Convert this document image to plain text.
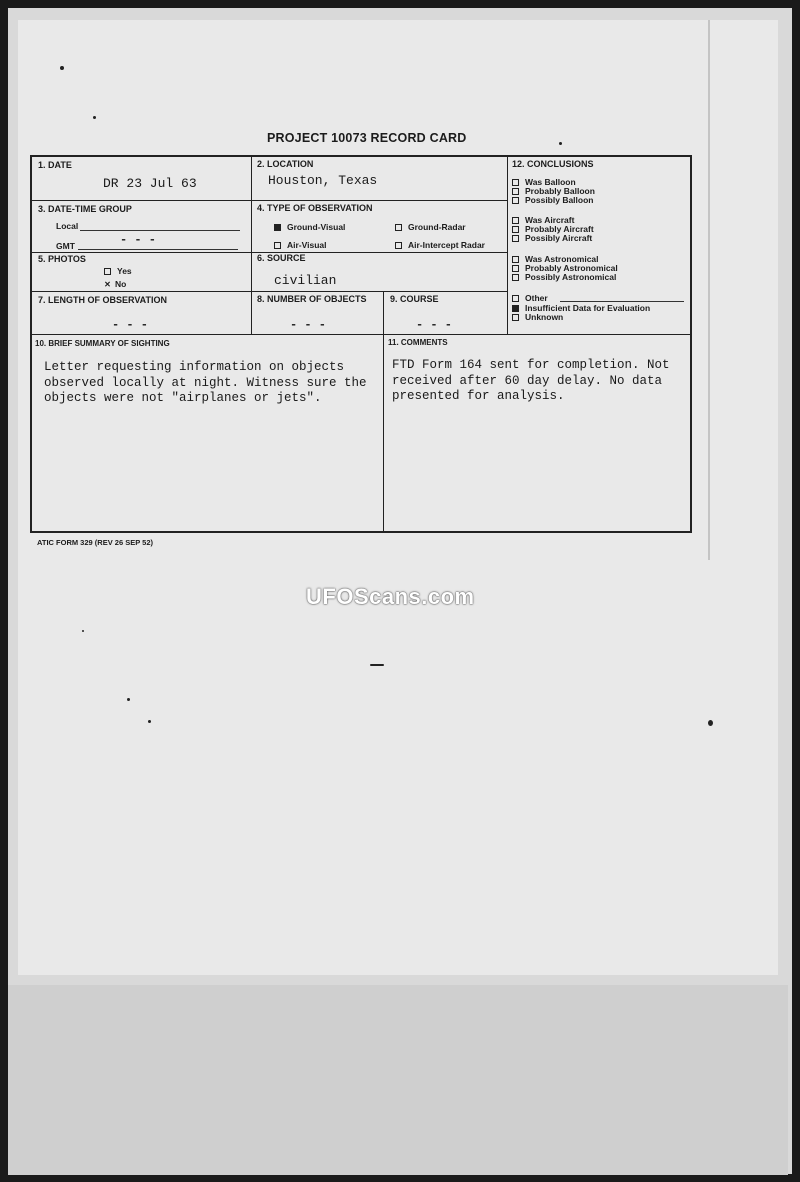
PROJECT 10073 RECORD CARD
1. DATE
DR 23 Jul 63
2. LOCATION
Houston, Texas
12. CONCLUSIONS
Was Balloon
Probably Balloon
Possibly Balloon
Was Aircraft
Probably Aircraft
Possibly Aircraft
Was Astronomical
Probably Astronomical
Possibly Astronomical
Other
Insufficient Data for Evaluation
Unknown
3. DATE-TIME GROUP
Local
GMT	- - -
4. TYPE OF OBSERVATION
Ground-Visual	Ground-Radar
Air-Visual	Air-Intercept Radar
5. PHOTOS
Yes
✕ No
6. SOURCE
civilian
7. LENGTH OF OBSERVATION
- - -
8. NUMBER OF OBJECTS
- - -
9. COURSE
- - -
10. BRIEF SUMMARY OF SIGHTING
Letter requesting information on objects
observed locally at night. Witness sure the
objects were not "airplanes or jets".
11. COMMENTS
FTD Form 164 sent for completion. Not
received after 60 day delay. No data
presented for analysis.
ATIC FORM 329 (REV 26 SEP 52)
UFOScans.com
